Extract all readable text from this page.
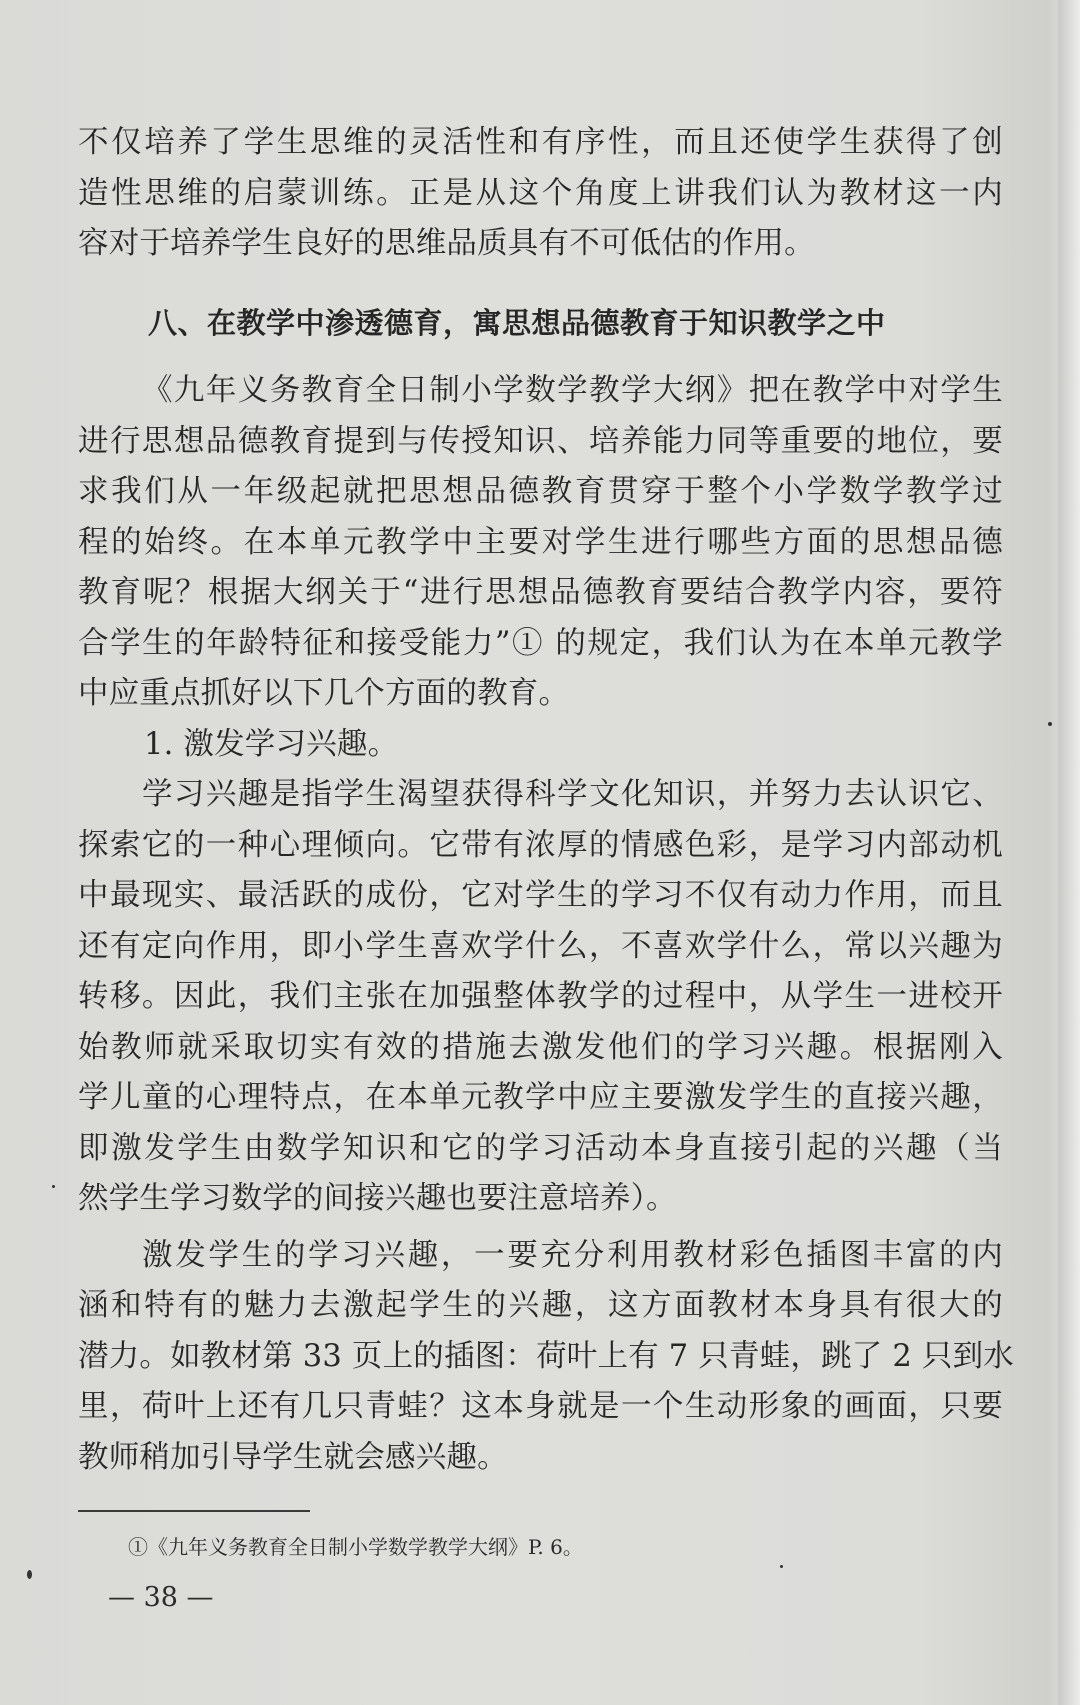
不仅培养了学生思维的灵活性和有序性，而且还使学生获得了创
造性思维的启蒙训练。正是从这个角度上讲我们认为教材这一内
容对于培养学生良好的思维品质具有不可低估的作用。
八、在教学中渗透德育，寓思想品德教育于知识教学之中
《九年义务教育全日制小学数学教学大纲》把在教学中对学生
进行思想品德教育提到与传授知识、培养能力同等重要的地位，要
求我们从一年级起就把思想品德教育贯穿于整个小学数学教学过
程的始终。在本单元教学中主要对学生进行哪些方面的思想品德
教育呢？根据大纲关于“进行思想品德教育要结合教学内容，要符
合学生的年龄特征和接受能力”① 的规定，我们认为在本单元教学
中应重点抓好以下几个方面的教育。
1. 激发学习兴趣。
学习兴趣是指学生渴望获得科学文化知识，并努力去认识它、
探索它的一种心理倾向。它带有浓厚的情感色彩，是学习内部动机
中最现实、最活跃的成份，它对学生的学习不仅有动力作用，而且
还有定向作用，即小学生喜欢学什么，不喜欢学什么，常以兴趣为
转移。因此，我们主张在加强整体教学的过程中，从学生一进校开
始教师就采取切实有效的措施去激发他们的学习兴趣。根据刚入
学儿童的心理特点，在本单元教学中应主要激发学生的直接兴趣，
即激发学生由数学知识和它的学习活动本身直接引起的兴趣（当
然学生学习数学的间接兴趣也要注意培养）。
激发学生的学习兴趣，一要充分利用教材彩色插图丰富的内
涵和特有的魅力去激起学生的兴趣，这方面教材本身具有很大的
潜力。如教材第 33 页上的插图：荷叶上有 7 只青蛙，跳了 2 只到水
里，荷叶上还有几只青蛙？这本身就是一个生动形象的画面，只要
教师稍加引导学生就会感兴趣。
①《九年义务教育全日制小学数学教学大纲》P. 6。
— 38 —
